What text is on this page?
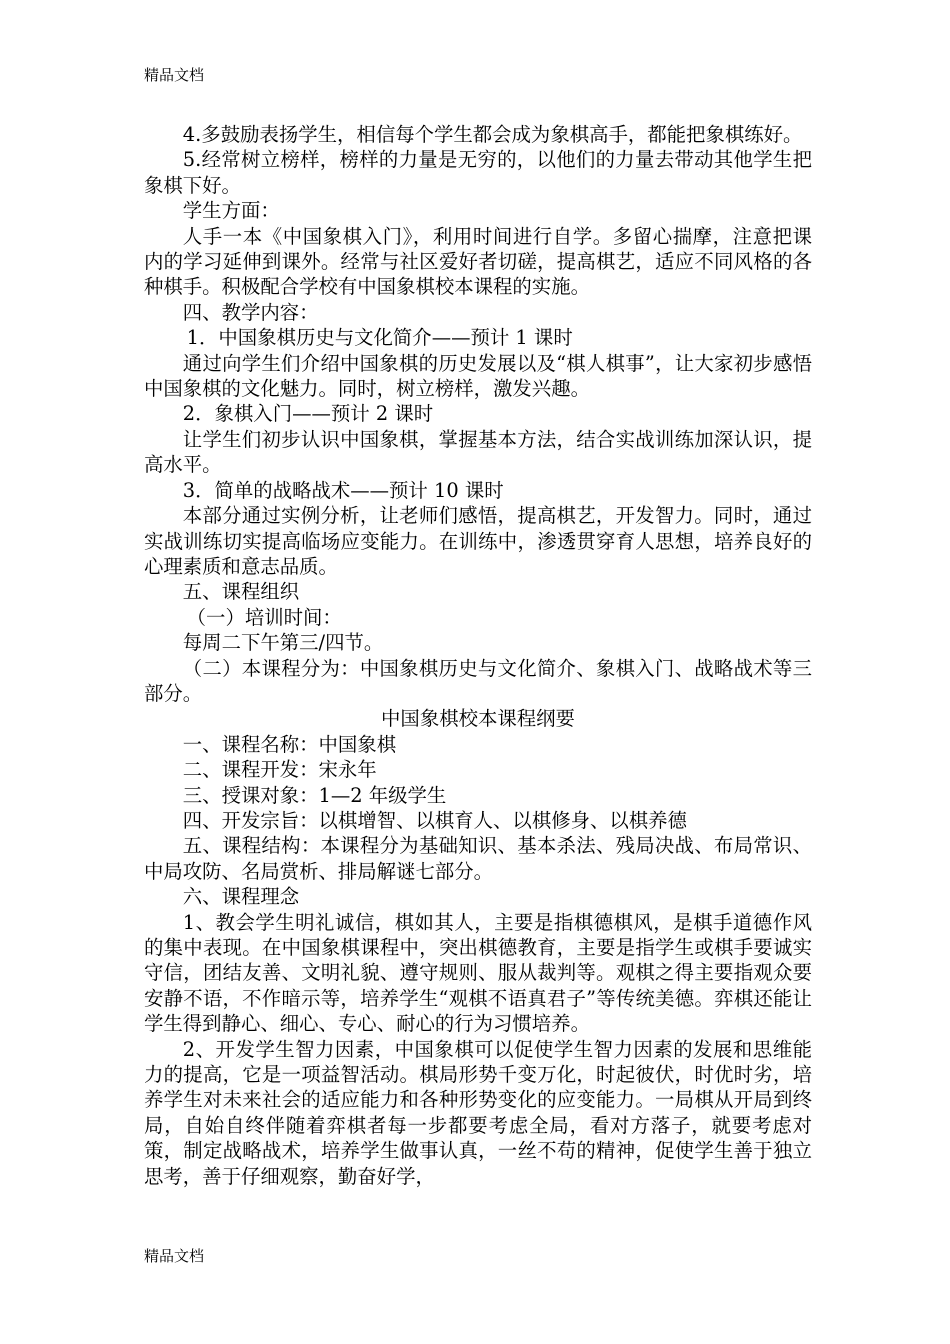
精品文档

4.多鼓励表扬学生，相信每个学生都会成为象棋高手，都能把象棋练好。

5.经常树立榜样，榜样的力量是无穷的，以他们的力量去带动其他学生把象棋下好。

学生方面：

人手一本《中国象棋入门》，利用时间进行自学。多留心揣摩，注意把课内的学习延伸到课外。经常与社区爱好者切磋，提高棋艺，适应不同风格的各种棋手。积极配合学校有中国象棋校本课程的实施。

四、教学内容：

1．中国象棋历史与文化简介——预计 1 课时

通过向学生们介绍中国象棋的历史发展以及“棋人棋事”，让大家初步感悟中国象棋的文化魅力。同时，树立榜样，激发兴趣。

2．象棋入门——预计 2 课时

让学生们初步认识中国象棋，掌握基本方法，结合实战训练加深认识，提高水平。

3．简单的战略战术——预计 10 课时

本部分通过实例分析，让老师们感悟，提高棋艺，开发智力。同时，通过实战训练切实提高临场应变能力。在训练中，渗透贯穿育人思想，培养良好的心理素质和意志品质。

五、课程组织

（一）培训时间：

每周二下午第三/四节。

（二）本课程分为：中国象棋历史与文化简介、象棋入门、战略战术等三部分。

中国象棋校本课程纲要

一、课程名称：中国象棋

二、课程开发：宋永年

三、授课对象：1—2 年级学生

四、开发宗旨：以棋增智、以棋育人、以棋修身、以棋养德

五、课程结构：本课程分为基础知识、基本杀法、残局决战、布局常识、中局攻防、名局赏析、排局解谜七部分。

六、课程理念

1、教会学生明礼诚信，棋如其人，主要是指棋德棋风，是棋手道德作风的集中表现。在中国象棋课程中，突出棋德教育，主要是指学生或棋手要诚实守信，团结友善、文明礼貌、遵守规则、服从裁判等。观棋之得主要指观众要安静不语，不作暗示等，培养学生“观棋不语真君子”等传统美德。弈棋还能让学生得到静心、细心、专心、耐心的行为习惯培养。

2、开发学生智力因素，中国象棋可以促使学生智力因素的发展和思维能力的提高，它是一项益智活动。棋局形势千变万化，时起彼伏，时优时劣，培养学生对未来社会的适应能力和各种形势变化的应变能力。一局棋从开局到终局，自始自终伴随着弈棋者每一步都要考虑全局，看对方落子，就要考虑对策，制定战略战术，培养学生做事认真，一丝不苟的精神，促使学生善于独立思考，善于仔细观察，勤奋好学，

精品文档
